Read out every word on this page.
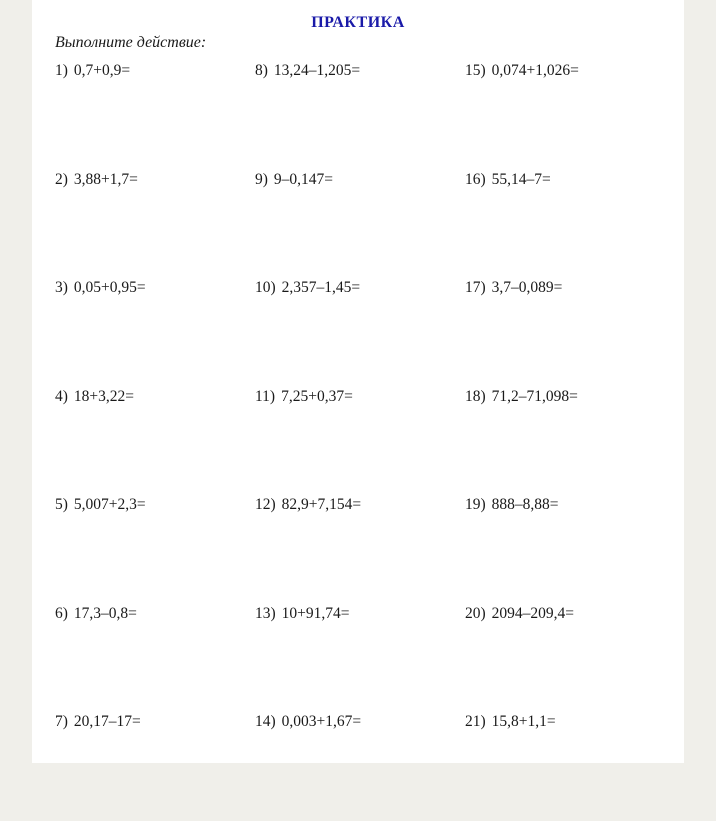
ПРАКТИКА
Выполните действие:
1) 0,7+0,9=
2) 3,88+1,7=
3) 0,05+0,95=
4) 18+3,22=
5) 5,007+2,3=
6) 17,3–0,8=
7) 20,17–17=
8) 13,24–1,205=
9) 9–0,147=
10) 2,357–1,45=
11) 7,25+0,37=
12) 82,9+7,154=
13) 10+91,74=
14) 0,003+1,67=
15) 0,074+1,026=
16) 55,14–7=
17) 3,7–0,089=
18) 71,2–71,098=
19) 888–8,88=
20) 2094–209,4=
21) 15,8+1,1=
